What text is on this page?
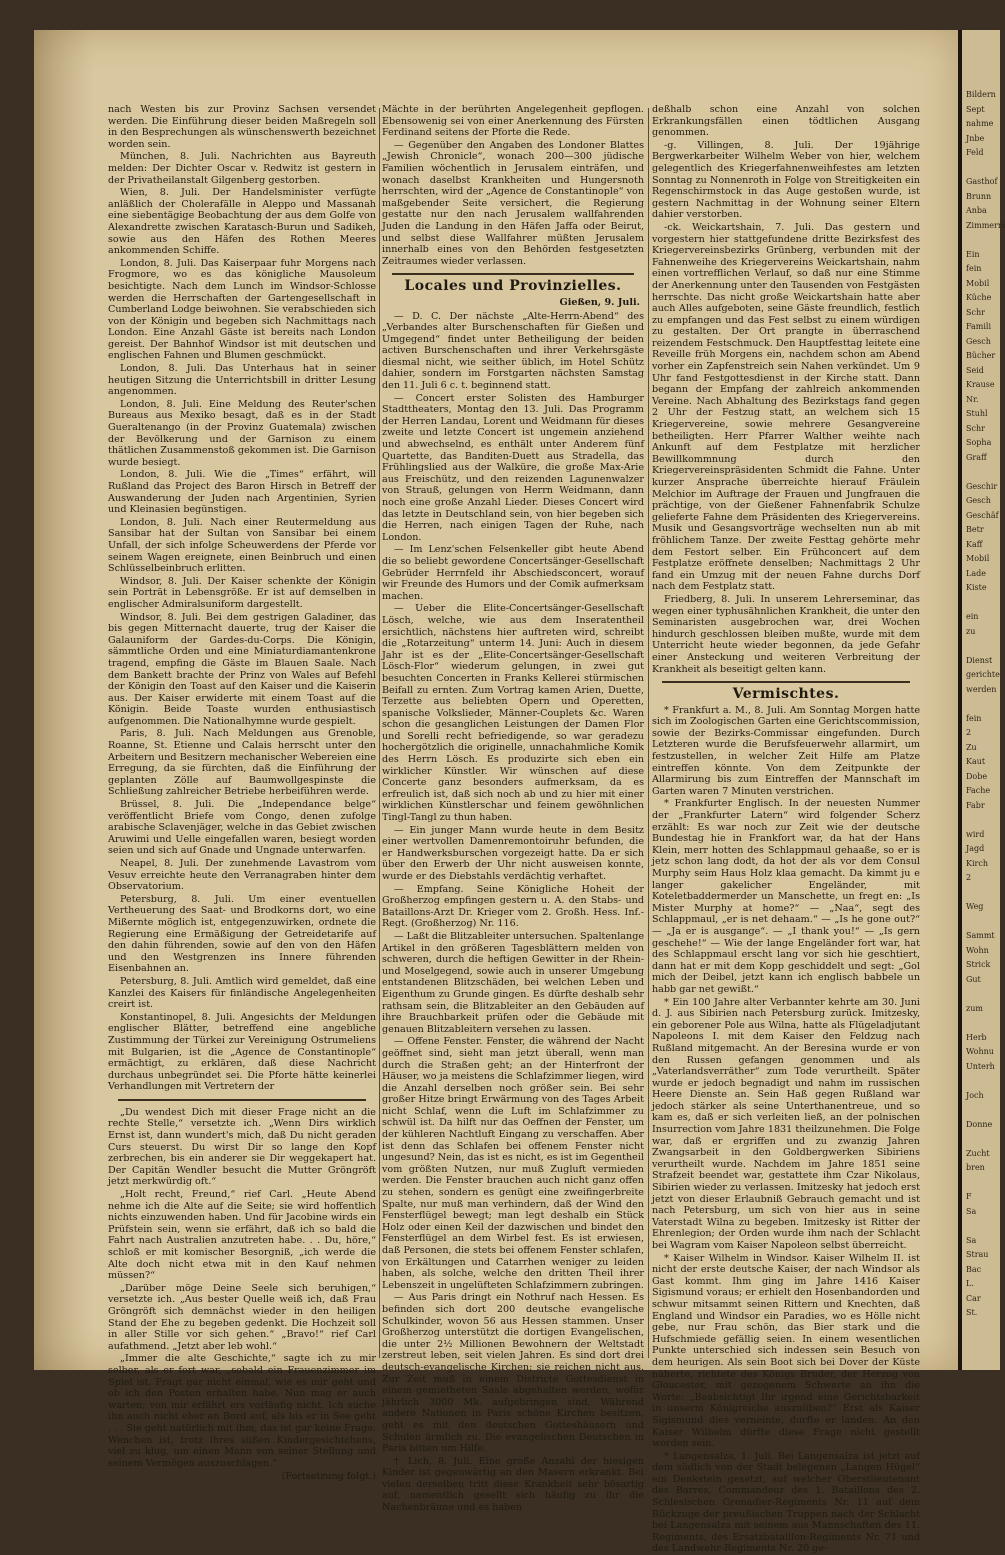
nach Westen bis zur Provinz Sachsen versendet werden. Die Einführung dieser beiden Maßregeln soll in den Besprechungen als wünschenswerth bezeichnet worden sein.

München, 8. Juli. Nachrichten aus Bayreuth melden: Der Dichter Oscar v. Redwitz ist gestern in der Privatheilanstalt Gilgenberg gestorben.

Wien, 8. Juli. Der Handelsminister verfügte anläßlich der Cholerafälle in Aleppo und Massanah eine siebentägige Beobachtung der aus dem Golfe von Alexandrette zwischen Karatasch-Burun und Sadikeh, sowie aus den Häfen des Rothen Meeres ankommenden Schiffe.

London, 8. Juli. Das Kaiserpaar fuhr Morgens nach Frogmore, wo es das königliche Mausoleum besichtigte. Nach dem Lunch im Windsor-Schlosse werden die Herrschaften der Gartengesellschaft in Cumberland Lodge beiwohnen. Sie verabschieden sich von der Königin und begeben sich Nachmittags nach London. Eine Anzahl Gäste ist bereits nach London gereist. Der Bahnhof Windsor ist mit deutschen und englischen Fahnen und Blumen geschmückt.

London, 8. Juli. Das Unterhaus hat in seiner heutigen Sitzung die Unterrichtsbill in dritter Lesung angenommen.

London, 8. Juli. Eine Meldung des Reuter'schen Bureaus aus Mexiko besagt, daß es in der Stadt Gueraltenango (in der Provinz Guatemala) zwischen der Bevölkerung und der Garnison zu einem thätlichen Zusammenstoß gekommen ist. Die Garnison wurde besiegt.

London, 8. Juli. Wie die „Times“ erfährt, will Rußland das Project des Baron Hirsch in Betreff der Auswanderung der Juden nach Argentinien, Syrien und Kleinasien begünstigen.

London, 8. Juli. Nach einer Reutermeldung aus Sansibar hat der Sultan von Sansibar bei einem Unfall, der sich infolge Scheuwerdens der Pferde vor seinem Wagen ereignete, einen Beinbruch und einen Schlüsselbeinbruch erlitten.

Windsor, 8. Juli. Der Kaiser schenkte der Königin sein Porträt in Lebensgröße. Er ist auf demselben in englischer Admiralsuniform dargestellt.

Windsor, 8. Juli. Bei dem gestrigen Galadiner, das bis gegen Mitternacht dauerte, trug der Kaiser die Galauniform der Gardes-du-Corps. Die Königin, sämmtliche Orden und eine Miniaturdiamantenkrone tragend, empfing die Gäste im Blauen Saale. Nach dem Bankett brachte der Prinz von Wales auf Befehl der Königin den Toast auf den Kaiser und die Kaiserin aus. Der Kaiser erwiderte mit einem Toast auf die Königin. Beide Toaste wurden enthusiastisch aufgenommen. Die Nationalhymne wurde gespielt.

Paris, 8. Juli. Nach Meldungen aus Grenoble, Roanne, St. Etienne und Calais herrscht unter den Arbeitern und Besitzern mechanischer Webereien eine Erregung, da sie fürchten, daß die Einführung der geplanten Zölle auf Baumwollgespinste die Schließung zahlreicher Betriebe herbeiführen werde.

Brüssel, 8. Juli. Die „Independance belge“ veröffentlicht Briefe vom Congo, denen zufolge arabische Sclavenjäger, welche in das Gebiet zwischen Aruwimi und Uelle eingefallen waren, besiegt worden seien und sich auf Gnade und Ungnade unterwarfen.

Neapel, 8. Juli. Der zunehmende Lavastrom vom Vesuv erreichte heute den Verranagraben hinter dem Observatorium.

Petersburg, 8. Juli. Um einer eventuellen Vertheuerung des Saat- und Brodkorns dort, wo eine Mißernte möglich ist, entgegenzuwirken, ordnete die Regierung eine Ermäßigung der Getreidetarife auf den dahin führenden, sowie auf den von den Häfen und den Westgrenzen ins Innere führenden Eisenbahnen an.

Petersburg, 8. Juli. Amtlich wird gemeldet, daß eine Kanzlei des Kaisers für finländische Angelegenheiten creirt ist.

Konstantinopel, 8. Juli. Angesichts der Meldungen englischer Blätter, betreffend eine angebliche Zustimmung der Türkei zur Vereinigung Ostrumeliens mit Bulgarien, ist die „Agence de Constantinople“ ermächtigt, zu erklären, daß diese Nachricht durchaus unbegründet sei. Die Pforte hätte keinerlei Verhandlungen mit Vertretern der

„Du wendest Dich mit dieser Frage nicht an die rechte Stelle,“ versetzte ich. „Wenn Dirs wirklich Ernst ist, dann wundert's mich, daß Du nicht geraden Curs steuerst. Du wirst Dir so lange den Kopf zerbrechen, bis ein anderer sie Dir weggekapert hat. Der Capitän Wendler besucht die Mutter Gröngröft jetzt merkwürdig oft.“

„Holt recht, Freund,“ rief Carl. „Heute Abend nehme ich die Alte auf die Seite; sie wird hoffentlich nichts einzuwenden haben. Und für Jacobine wirds ein Prüfstein sein, wenn sie erfährt, daß ich so bald die Fahrt nach Australien anzutreten habe. . . Du, höre,“ schloß er mit komischer Besorgniß, „ich werde die Alte doch nicht etwa mit in den Kauf nehmen müssen?“

„Darüber möge Deine Seele sich beruhigen,“ versetzte ich. „Aus bester Quelle weiß ich, daß Frau Gröngröft sich demnächst wieder in den heiligen Stand der Ehe zu begeben gedenkt. Die Hochzeit soll in aller Stille vor sich gehen.“ „Bravo!“ rief Carl aufathmend. „Jetzt aber leb wohl.“

„Immer die alte Geschichte,“ sagte ich zu mir selber, als er fort war, „sobald ein Frauenzimmer im Spiel ist. Fragt gar nicht einmal, wie es mir geht und ob ich den Posten erhalten habe. Nun mag er auch warten; von mir erfährt ers vorläufig nicht. Ich suche ihn auch nicht eher an Bord auf, als bis er in See geht . . . Sie geht natürlich mit ihm, das ist gar keine Frage. Wenchen ist, trotz ihres süßen Kindergesichtchens, viel zu klug, um einen Mann von seiner Stellung und seinem Vermögen auszuschlagen.“

(Fortsetzung folgt.)

Mächte in der berührten Angelegenheit gepflogen. Ebensowenig sei von einer Anerkennung des Fürsten Ferdinand seitens der Pforte die Rede.

— Gegenüber den Angaben des Londoner Blattes „Jewish Chronicle“, wonach 200—300 jüdische Familien wöchentlich in Jerusalem einträfen, und wonach daselbst Krankheiten und Hungersnoth herrschten, wird der „Agence de Constantinople“ von maßgebender Seite versichert, die Regierung gestatte nur den nach Jerusalem wallfahrenden Juden die Landung in den Häfen Jaffa oder Beirut, und selbst diese Wallfahrer müßten Jerusalem innerhalb eines von den Behörden festgesetzten Zeitraumes wieder verlassen.

Locales und Provinzielles.
Gießen, 9. Juli.

— D. C. Der nächste „Alte-Herrn-Abend“ des „Verbandes alter Burschenschaften für Gießen und Umgegend“ findet unter Betheiligung der beiden activen Burschenschaften und ihrer Verkehrsgäste diesmal nicht, wie seither üblich, im Hotel Schütz dahier, sondern im Forstgarten nächsten Samstag den 11. Juli 6 c. t. beginnend statt.

— Concert erster Solisten des Hamburger Stadttheaters, Montag den 13. Juli. Das Programm der Herren Landau, Lorent und Weidmann für dieses zweite und letzte Concert ist ungemein anziehend und abwechselnd, es enthält unter Anderem fünf Quartette, das Banditen-Duett aus Stradella, das Frühlingslied aus der Walküre, die große Max-Arie aus Freischütz, und den reizenden Lagunenwalzer von Strauß, gelungen von Herrn Weidmann, dann noch eine große Anzahl Lieder. Dieses Concert wird das letzte in Deutschland sein, von hier begeben sich die Herren, nach einigen Tagen der Ruhe, nach London.

— Im Lenz'schen Felsenkeller gibt heute Abend die so beliebt gewordene Concertsänger-Gesellschaft Gebrüder Herrnfeld ihr Abschiedsconcert, worauf wir Freunde des Humors und der Comik aufmerksam machen.

— Ueber die Elite-Concertsänger-Gesellschaft Lösch, welche, wie aus dem Inseratentheil ersichtlich, nächstens hier auftreten wird, schreibt die „Rotarzeitung“ unterm 14. Juni: Auch in diesem Jahr ist es der „Elite-Concertsänger-Gesellschaft Lösch-Flor“ wiederum gelungen, in zwei gut besuchten Concerten in Franks Kellerei stürmischen Beifall zu ernten. Zum Vortrag kamen Arien, Duette, Terzette aus beliebten Opern und Operetten, spanische Volkslieder, Männer-Couplets &c. Waren schon die gesanglichen Leistungen der Damen Flor und Sorelli recht befriedigende, so war geradezu hochergötzlich die originelle, unnachahmliche Komik des Herrn Lösch. Es produzirte sich eben ein wirklicher Künstler. Wir wünschen auf diese Concerte ganz besonders aufmerksam, da es erfreulich ist, daß sich noch ab und zu hier mit einer wirklichen Künstlerschar und feinem gewöhnlichen Tingl-Tangl zu thun haben.

— Ein junger Mann wurde heute in dem Besitz einer wertvollen Damenremontoiruhr befunden, die er Handwerksburschen vorgezeigt hatte. Da er sich über den Erwerb der Uhr nicht ausweisen konnte, wurde er des Diebstahls verdächtig verhaftet.

— Empfang. Seine Königliche Hoheit der Großherzog empfingen gestern u. A. den Stabs- und Bataillons-Arzt Dr. Krieger vom 2. Großh. Hess. Inf.-Regt. (Großherzog) Nr. 116.

— Laßt die Blitzableiter untersuchen. Spaltenlange Artikel in den größeren Tagesblättern melden von schweren, durch die heftigen Gewitter in der Rhein- und Moselgegend, sowie auch in unserer Umgebung entstandenen Blitzschäden, bei welchen Leben und Eigenthum zu Grunde gingen. Es dürfte deshalb sehr rathsam sein, die Blitzableiter an den Gebäuden auf ihre Brauchbarkeit prüfen oder die Gebäude mit genauen Blitzableitern versehen zu lassen.

— Offene Fenster. Fenster, die während der Nacht geöffnet sind, sieht man jetzt überall, wenn man durch die Straßen geht; an der Hinterfront der Häuser, wo ja meistens die Schlafzimmer liegen, wird die Anzahl derselben noch größer sein. Bei sehr großer Hitze bringt Erwärmung von des Tages Arbeit nicht Schlaf, wenn die Luft im Schlafzimmer zu schwül ist. Da hilft nur das Oeffnen der Fenster, um der kühleren Nachtluft Eingang zu verschaffen. Aber ist denn das Schlafen bei offenem Fenster nicht ungesund? Nein, das ist es nicht, es ist im Gegentheil vom größten Nutzen, nur muß Zugluft vermieden werden. Die Fenster brauchen auch nicht ganz offen zu stehen, sondern es genügt eine zweifingerbreite Spalte, nur muß man verhindern, daß der Wind den Fensterflügel bewegt; man legt deshalb ein Stück Holz oder einen Keil der dazwischen und bindet den Fensterflügel an dem Wirbel fest. Es ist erwiesen, daß Personen, die stets bei offenem Fenster schlafen, von Erkältungen und Catarrhen weniger zu leiden haben, als solche, welche den dritten Theil ihrer Lebenszeit in ungelüfteten Schlafzimmern zubringen.

— Aus Paris dringt ein Nothruf nach Hessen. Es befinden sich dort 200 deutsche evangelische Schulkinder, wovon 56 aus Hessen stammen. Unser Großherzog unterstützt die dortigen Evangelischen, die unter 2½ Millionen Bewohnern der Weltstadt zerstreut leben, seit vielen Jahren. Es sind dort drei deutsch-evangelische Kirchen; sie reichen nicht aus. Zur Zeit muß in einem Districte Gottesdienst in einem gemietheten Saale abgehalten werden, wofür jährlich 3000 Mk. aufgebringen sind. Während andere Nationen in Paris schöne Kirchen besitzen, geht es mit den deutschen Gotteshäusern und Schulen ärmlich zu. Die evangelischen Deutschen in Paris bitten um Hilfe.

† Lich, 8. Juli. Eine große Anzahl der hiesigen Kinder ist gegenwärtig an den Masern erkrankt. Bei vielen derselben tritt diese Krankheit sehr bösartig auf, namentlich gesellt sich häufig zu ihr die Nachenbräune und es haben

deßhalb schon eine Anzahl von solchen Erkrankungsfällen einen tödtlichen Ausgang genommen.

-g. Villingen, 8. Juli. Der 19jährige Bergwerkarbeiter Wilhelm Weber von hier, welchem gelegentlich des Kriegerfahnenweihfestes am letzten Sonntag zu Nonnenroth in Folge von Streitigkeiten ein Regenschirmstock in das Auge gestoßen wurde, ist gestern Nachmittag in der Wohnung seiner Eltern dahier verstorben.

-ck. Weickartshain, 7. Juli. Das gestern und vorgestern hier stattgefundene dritte Bezirksfest des Kriegervereinsbezirks Grünberg, verbunden mit der Fahnenweihe des Kriegervereins Weickartshain, nahm einen vortrefflichen Verlauf, so daß nur eine Stimme der Anerkennung unter den Tausenden von Festgästen herrschte. Das nicht große Weickartshain hatte aber auch Alles aufgeboten, seine Gäste freundlich, festlich zu empfangen und das Fest selbst zu einem würdigen zu gestalten. Der Ort prangte in überraschend reizendem Festschmuck. Den Hauptfesttag leitete eine Reveille früh Morgens ein, nachdem schon am Abend vorher ein Zapfenstreich sein Nahen verkündet. Um 9 Uhr fand Festgottesdienst in der Kirche statt. Dann begann der Empfang der zahlreich ankommenden Vereine. Nach Abhaltung des Bezirkstags fand gegen 2 Uhr der Festzug statt, an welchem sich 15 Kriegervereine, sowie mehrere Gesangvereine betheiligten. Herr Pfarrer Walther weihte nach Ankunft auf dem Festplatze mit herzlicher Bewillkommnung durch den Kriegervereinspräsidenten Schmidt die Fahne. Unter kurzer Ansprache überreichte hierauf Fräulein Melchior im Auftrage der Frauen und Jungfrauen die prächtige, von der Gießener Fahnenfabrik Schulze gelieferte Fahne dem Präsidenten des Kriegervereins. Musik und Gesangsvorträge wechselten nun ab mit fröhlichem Tanze. Der zweite Festtag gehörte mehr dem Festort selber. Ein Frühconcert auf dem Festplatze eröffnete denselben; Nachmittags 2 Uhr fand ein Umzug mit der neuen Fahne durchs Dorf nach dem Festplatz statt.

Friedberg, 8. Juli. In unserem Lehrerseminar, das wegen einer typhusähnlichen Krankheit, die unter den Seminaristen ausgebrochen war, drei Wochen hindurch geschlossen bleiben mußte, wurde mit dem Unterricht heute wieder begonnen, da jede Gefahr einer Ansteckung und weiteren Verbreitung der Krankheit als beseitigt gelten kann.

Vermischtes.

* Frankfurt a. M., 8. Juli. Am Sonntag Morgen hatte sich im Zoologischen Garten eine Gerichtscommission, sowie der Bezirks-Commissar eingefunden. Durch Letzteren wurde die Berufsfeuerwehr allarmirt, um festzustellen, in welcher Zeit Hilfe am Platze eintreffen könnte. Von dem Zeitpunkte der Allarmirung bis zum Eintreffen der Mannschaft im Garten waren 7 Minuten verstrichen.

* Frankfurter Englisch. In der neuesten Nummer der „Frankfurter Latern“ wird folgender Scherz erzählt: Es war noch zur Zeit wie der deutsche Bundestag hie in Frankfort war, da hat der Hans Klein, merr hotten des Schlappmaul gehaaße, so er is jetz schon lang dodt, da hot der als vor dem Consul Murphy seim Haus Holz klaa gemacht. Da kimmt ju e langer gakelicher Engeländer, mit Koteletbaddermerder un Manschette, un fregt en: „Is Mister Murphy at home?“ — „Naa“, segt des Schlappmaul, „er is net dehaam.“ — „Is he gone out?“ — „Ja er is ausgange“. — „I thank you!“ — „Is gern geschehe!“ — Wie der lange Engeländer fort war, hat des Schlappmaul erscht lang vor sich hie geschtiert, dann hat er mit dem Kopp geschiddelt und segt: „Gol mich der Deibel, jetzt kann ich englisch babbele un habb gar net gewißt.“

* Ein 100 Jahre alter Verbannter kehrte am 30. Juni d. J. aus Sibirien nach Petersburg zurück. Imitzesky, ein geborener Pole aus Wilna, hatte als Flügeladjutant Napoleons I. mit dem Kaiser den Feldzug nach Rußland mitgemacht. An der Beresina wurde er von den Russen gefangen genommen und als „Vaterlandsverräther“ zum Tode verurtheilt. Später wurde er jedoch begnadigt und nahm im russischen Heere Dienste an. Sein Haß gegen Rußland war jedoch stärker als seine Unterthanentreue, und so kam es, daß er sich verleiten ließ, an der polnischen Insurrection vom Jahre 1831 theilzunehmen. Die Folge war, daß er ergriffen und zu zwanzig Jahren Zwangsarbeit in den Goldbergwerken Sibiriens verurtheilt wurde. Nachdem im Jahre 1851 seine Strafzeit beendet war, gestattete ihm Czar Nikolaus, Sibirien wieder zu verlassen. Imitzesky hat jedoch erst jetzt von dieser Erlaubniß Gebrauch gemacht und ist nach Petersburg, um sich von hier aus in seine Vaterstadt Wilna zu begeben. Imitzesky ist Ritter der Ehrenlegion; der Orden wurde ihm nach der Schlacht bei Wagram vom Kaiser Napoleon selbst überreicht.

* Kaiser Wilhelm in Windsor. Kaiser Wilhelm II. ist nicht der erste deutsche Kaiser, der nach Windsor als Gast kommt. Ihm ging im Jahre 1416 Kaiser Sigismund voraus; er erhielt den Hosenbandorden und schwur mitsammt seinen Rittern und Knechten, daß England und Windsor ein Paradies, wo es Hölle nicht gebe, nur Frau schön, das Bier stark und die Hufschmiede gefällig seien. In einem wesentlichen Punkte unterschied sich indessen sein Besuch von dem heurigen. Als sein Boot sich bei Dover der Küste näherte, richtete des Königs Bruder, der Herzog von Gloucester, mit gezogenem Schwerte an ihn die Worte: „Beabsichtigt Ihr irgend eine Gerichtsbarkeit in unserm Königreiche auszuüben?“ Erst als Kaiser Sigismund dies verneinte, durfte er landen. An den Kaiser Wilhelm dürfte diese Frage nicht gestellt worden sein.

* Langensalza, 1. Juli. Bei Langensalza ist jetzt auf dem südlich von der Stadt belegenen „Langen Hügel“ ein Denkstein gesetzt, auf welcher Oberstlieutenant des Barres, Commandeur des 1. Bataillons des 2. Schlesischen Grenadier-Regiments Nr. 11 auf dem Rückzuge der preußischen Truppen nach der Schlacht bei Langensalza mit seinem aus Mannschaften des 11. Regiments, des Ersatzbataillon-Regiments Nr. 71 und des Landwehr-Regiments Nr. 20 ge-

Bildern
Sept
nahme
Jnbe
Feld
Gasthof
Brunn
Anba
Zimmerm
Ein
fein
Mobil
Küche
Schr
Famili
Gesch
Bücher
Seid
Krause
Nr.
Stuhl
Schr
Sopha
Graff
Geschir
Gesch
Geschäf
Betr
Kaff
Mobil
Lade
Kiste
ein
zu
Dienst
gerichte
werden
fein
2
Zu
Kaut
Dobe
Fache
Fabr
wird
Jagd
Kirch
2
Weg
Sammt
Wohn
Strick
Gut
zum
Herb
Wohnu
Unterh
Joch
Donne
Zucht
bren
F
Sa
Sa
Strau
Bac
L.
Car
St.
